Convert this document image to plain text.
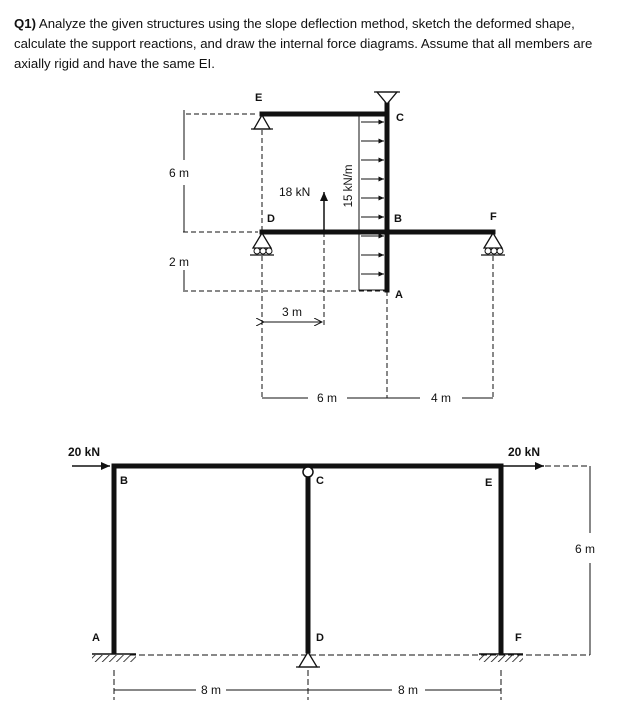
Q1) Analyze the given structures using the slope deflection method, sketch the deformed shape, calculate the support reactions, and draw the internal force diagrams. Assume that all members are axially rigid and have the same EI.
15 kN/m
18 kN
3 m
E
C
D	B	F
A
6 m
2 m
6 m	4 m
20 kN	20 kN
B	C	E
A	D	F
8 m	8 m
6 m
